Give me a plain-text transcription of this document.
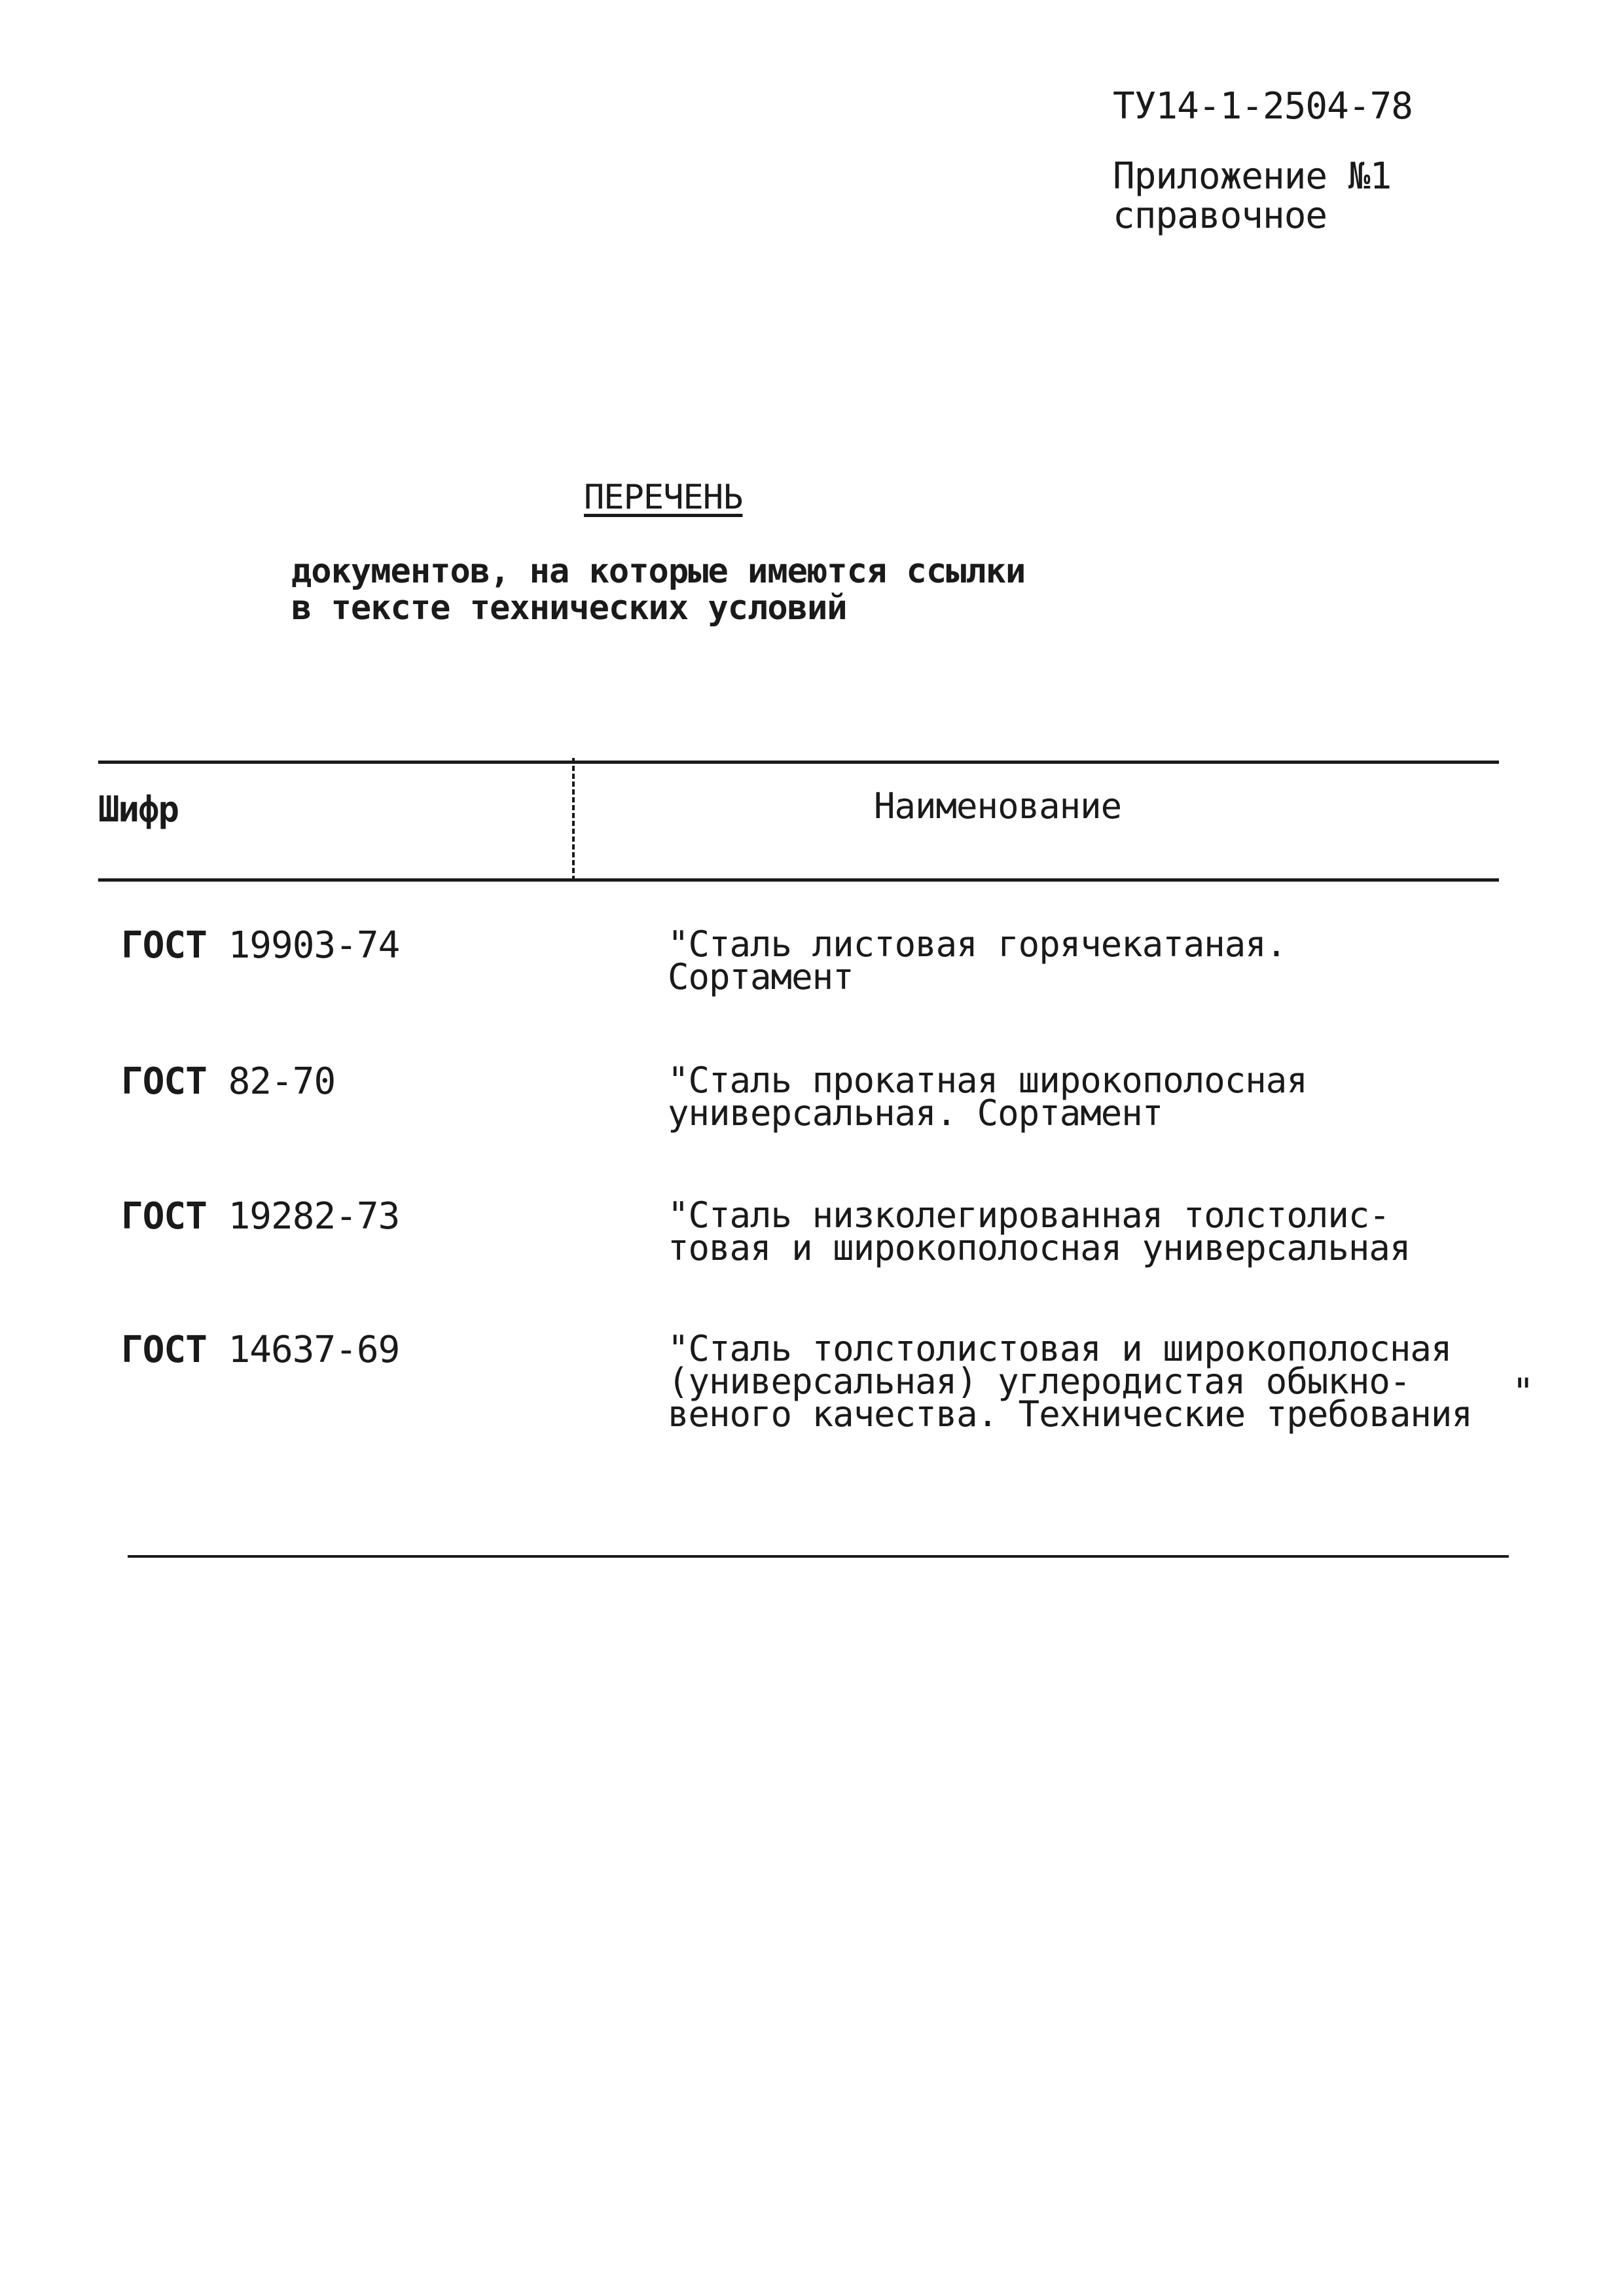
ТУ14-1-2504-78
Приложение №1
справочное
ПЕРЕЧЕНЬ
документов, на которые имеются ссылки
в тексте технических условий
Шифр	Наименование
ГОСТ 19903-74	"Сталь листовая горячекатаная.
Сортамент
ГОСТ 82-70	"Сталь прокатная широкополосная
универсальная. Сортамент
ГОСТ 19282-73	"Сталь низколегированная толстолис-
товая и широкополосная универсальная
ГОСТ 14637-69	"Сталь толстолистовая и широкополосная
(универсальная) углеродистая обыкно-
веного качества. Технические требования
"
